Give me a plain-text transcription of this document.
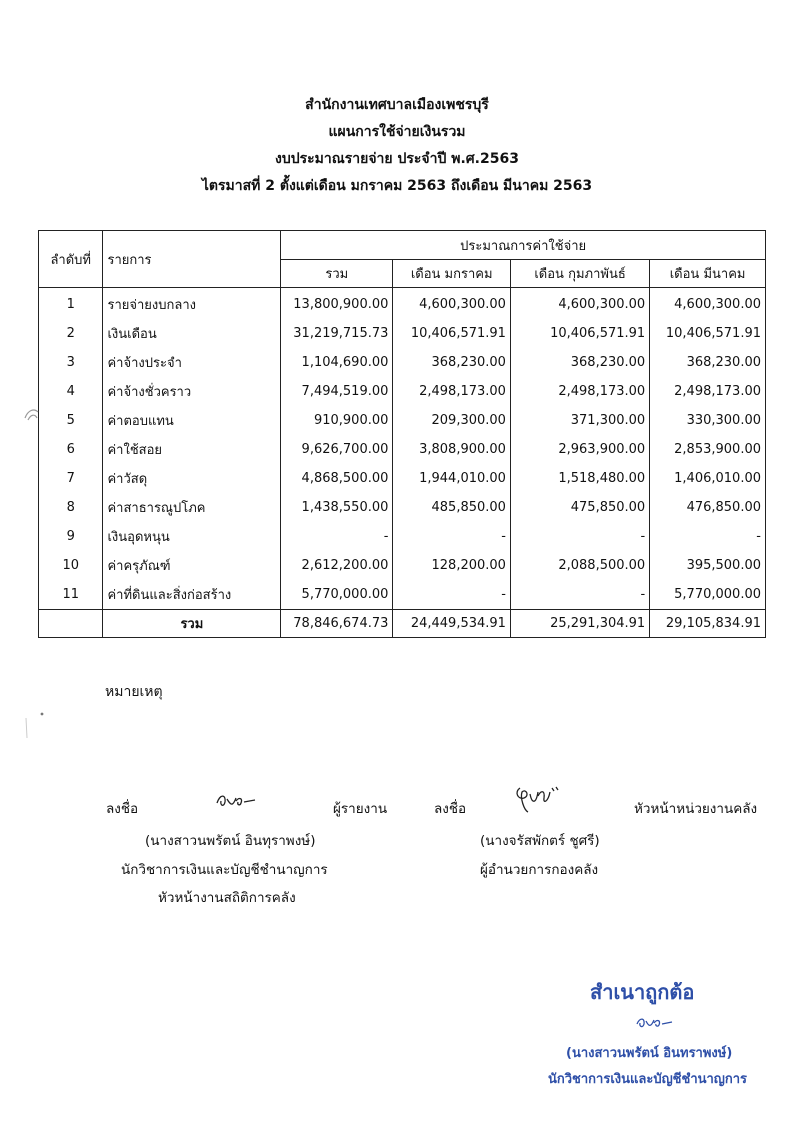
สำนักงานเทศบาลเมืองเพชรบุรี
แผนการใช้จ่ายเงินรวม
งบประมาณรายจ่าย ประจำปี พ.ศ.2563
ไตรมาสที่ 2 ตั้งแต่เดือน มกราคม 2563 ถึงเดือน มีนาคม 2563
ลำดับที่	รายการ	ประมาณการค่าใช้จ่าย			
		รวม	เดือน มกราคม	เดือน กุมภาพันธ์	เดือน มีนาคม
1	รายจ่ายงบกลาง	13,800,900.00	4,600,300.00	4,600,300.00	4,600,300.00
2	เงินเดือน	31,219,715.73	10,406,571.91	10,406,571.91	10,406,571.91
3	ค่าจ้างประจำ	1,104,690.00	368,230.00	368,230.00	368,230.00
4	ค่าจ้างชั่วคราว	7,494,519.00	2,498,173.00	2,498,173.00	2,498,173.00
5	ค่าตอบแทน	910,900.00	209,300.00	371,300.00	330,300.00
6	ค่าใช้สอย	9,626,700.00	3,808,900.00	2,963,900.00	2,853,900.00
7	ค่าวัสดุ	4,868,500.00	1,944,010.00	1,518,480.00	1,406,010.00
8	ค่าสาธารณูปโภค	1,438,550.00	485,850.00	475,850.00	476,850.00
9	เงินอุดหนุน	-	-	-	-
10	ค่าครุภัณฑ์	2,612,200.00	128,200.00	2,088,500.00	395,500.00
11	ค่าที่ดินและสิ่งก่อสร้าง	5,770,000.00	-	-	5,770,000.00
	รวม	78,846,674.73	24,449,534.91	25,291,304.91	29,105,834.91
หมายเหตุ
ลงชื่อ	ผู้รายงาน
(นางสาวนพรัตน์ อินทุราพงษ์)
นักวิชาการเงินและบัญชีชำนาญการ
หัวหน้างานสถิติการคลัง
ลงชื่อ	หัวหน้าหน่วยงานคลัง
(นางจรัสพักตร์ ชูศรี)
ผู้อำนวยการกองคลัง
สำเนาถูกต้อ
(นางสาวนพรัตน์ อินทราพงษ์)
นักวิชาการเงินและบัญชีชำนาญการ
